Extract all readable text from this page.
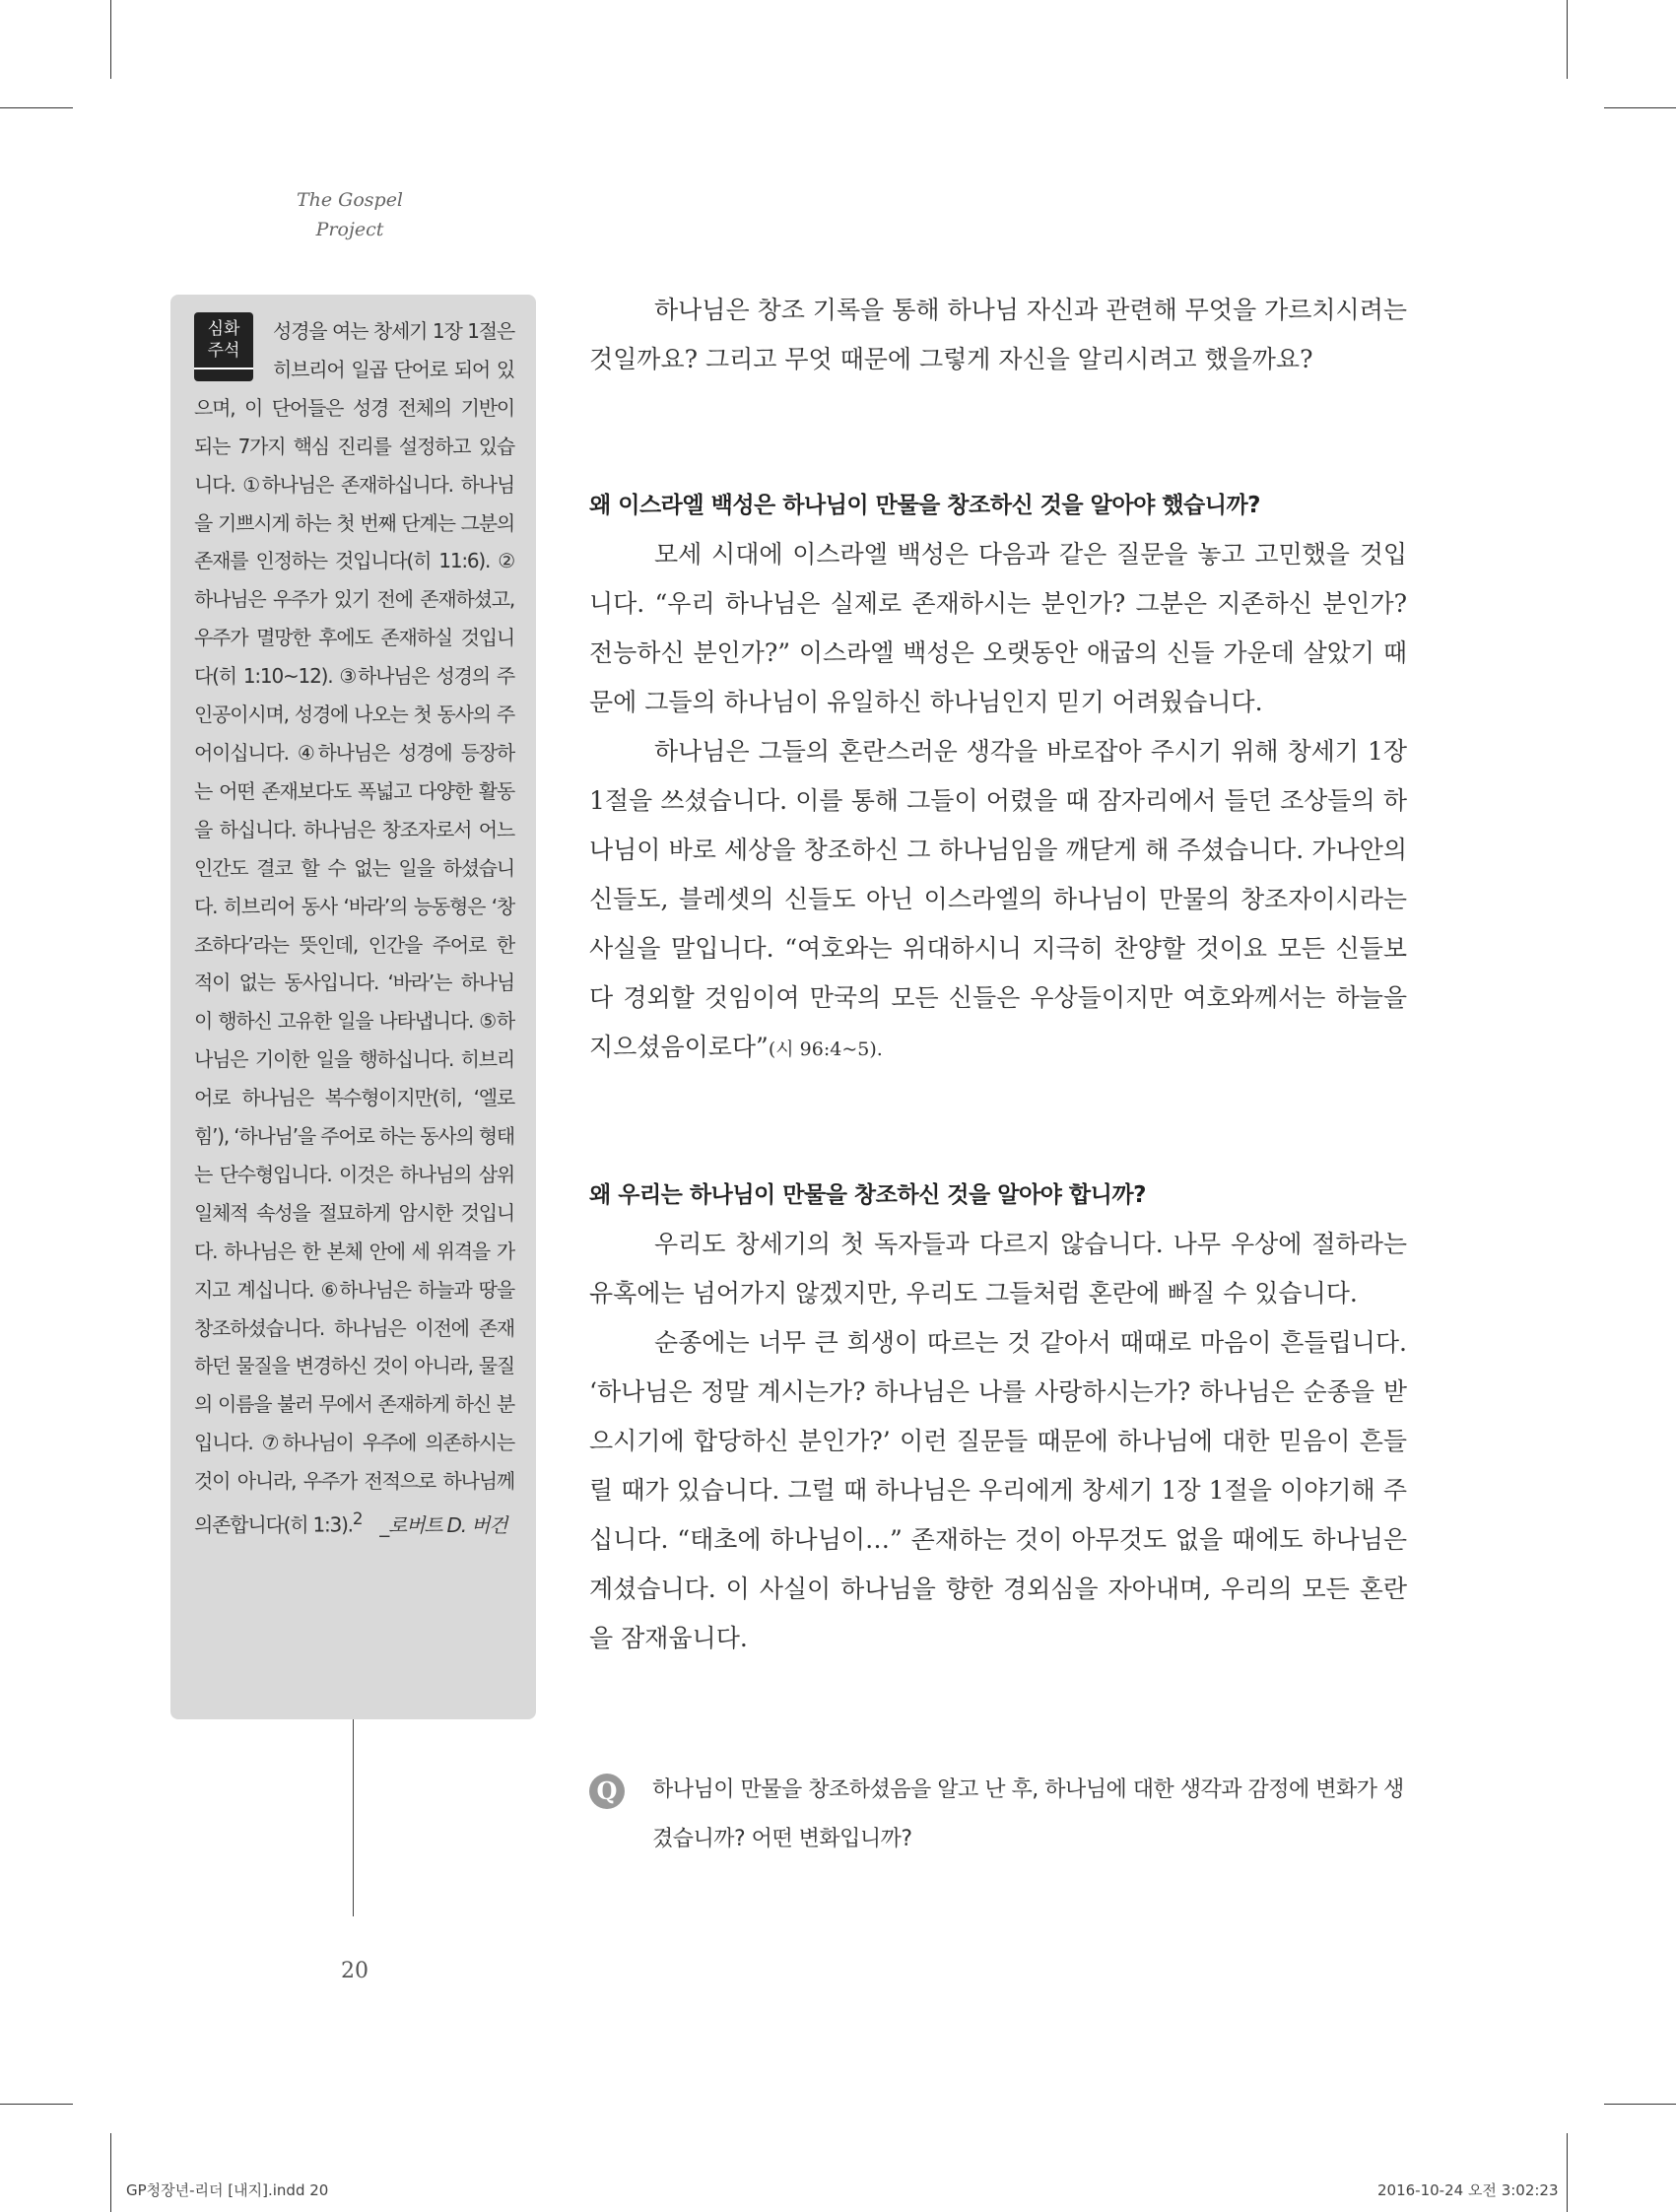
The Gospel
Project
심화
주석

성경을 여는 창세기 1장 1절은 히브리어 일곱 단어로 되어 있으며, 이 단어들은 성경 전체의 기반이 되는 7가지 핵심 진리를 설정하고 있습니다. ①하나님은 존재하십니다. 하나님을 기쁘시게 하는 첫 번째 단계는 그분의 존재를 인정하는 것입니다(히 11:6). ②하나님은 우주가 있기 전에 존재하셨고, 우주가 멸망한 후에도 존재하실 것입니다(히 1:10~12). ③하나님은 성경의 주인공이시며, 성경에 나오는 첫 동사의 주어이십니다. ④하나님은 성경에 등장하는 어떤 존재보다도 폭넓고 다양한 활동을 하십니다. 하나님은 창조자로서 어느 인간도 결코 할 수 없는 일을 하셨습니다. 히브리어 동사 ‘바라’의 능동형은 ‘창조하다’라는 뜻인데, 인간을 주어로 한 적이 없는 동사입니다. ‘바라’는 하나님이 행하신 고유한 일을 나타냅니다. ⑤하나님은 기이한 일을 행하십니다. 히브리어로 하나님은 복수형이지만(히, ‘엘로힘’), ‘하나님’을 주어로 하는 동사의 형태는 단수형입니다. 이것은 하나님의 삼위일체적 속성을 절묘하게 암시한 것입니다. 하나님은 한 본체 안에 세 위격을 가지고 계십니다. ⑥하나님은 하늘과 땅을 창조하셨습니다. 하나님은 이전에 존재하던 물질을 변경하신 것이 아니라, 물질의 이름을 불러 무에서 존재하게 하신 분입니다. ⑦하나님이 우주에 의존하시는 것이 아니라, 우주가 전적으로 하나님께 의존합니다(히 1:3).$^2$ _로버트 D. 버건

하나님은 창조 기록을 통해 하나님 자신과 관련해 무엇을 가르치시려는 것일까요? 그리고 무엇 때문에 그렇게 자신을 알리시려고 했을까요?

왜 이스라엘 백성은 하나님이 만물을 창조하신 것을 알아야 했습니까?

모세 시대에 이스라엘 백성은 다음과 같은 질문을 놓고 고민했을 것입니다. “우리 하나님은 실제로 존재하시는 분인가? 그분은 지존하신 분인가? 전능하신 분인가?” 이스라엘 백성은 오랫동안 애굽의 신들 가운데 살았기 때문에 그들의 하나님이 유일하신 하나님인지 믿기 어려웠습니다.

하나님은 그들의 혼란스러운 생각을 바로잡아 주시기 위해 창세기 1장 1절을 쓰셨습니다. 이를 통해 그들이 어렸을 때 잠자리에서 들던 조상들의 하나님이 바로 세상을 창조하신 그 하나님임을 깨닫게 해 주셨습니다. 가나안의 신들도, 블레셋의 신들도 아닌 이스라엘의 하나님이 만물의 창조자이시라는 사실을 말입니다. “여호와는 위대하시니 지극히 찬양할 것이요 모든 신들보다 경외할 것임이여 만국의 모든 신들은 우상들이지만 여호와께서는 하늘을 지으셨음이로다”(시 96:4~5).

왜 우리는 하나님이 만물을 창조하신 것을 알아야 합니까?

우리도 창세기의 첫 독자들과 다르지 않습니다. 나무 우상에 절하라는 유혹에는 넘어가지 않겠지만, 우리도 그들처럼 혼란에 빠질 수 있습니다.

순종에는 너무 큰 희생이 따르는 것 같아서 때때로 마음이 흔들립니다. ‘하나님은 정말 계시는가? 하나님은 나를 사랑하시는가? 하나님은 순종을 받으시기에 합당하신 분인가?’ 이런 질문들 때문에 하나님에 대한 믿음이 흔들릴 때가 있습니다. 그럴 때 하나님은 우리에게 창세기 1장 1절을 이야기해 주십니다. “태초에 하나님이…” 존재하는 것이 아무것도 없을 때에도 하나님은 계셨습니다. 이 사실이 하나님을 향한 경외심을 자아내며, 우리의 모든 혼란을 잠재웁니다.

Q	하나님이 만물을 창조하셨음을 알고 난 후, 하나님에 대한 생각과 감정에 변화가 생겼습니까? 어떤 변화입니까?
20
GP청장년-리더 [내지].indd 20	2016-10-24 오전 3:02:23
